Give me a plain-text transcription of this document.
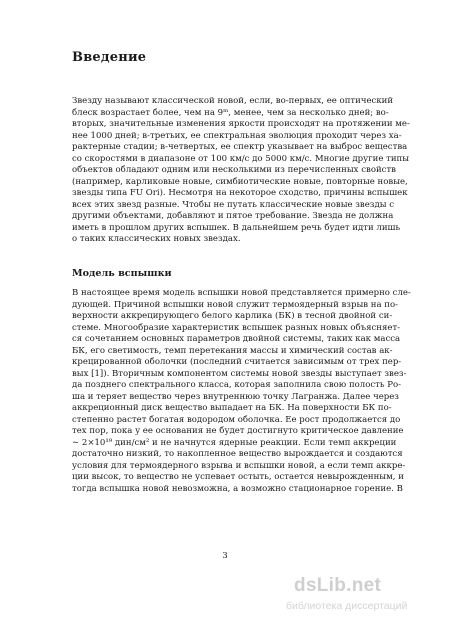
Введение
Звезду называют классической новой, если, во-первых, ее оптический
блеск возрастает более, чем на 9ᵐ, менее, чем за несколько дней; во-
вторых, значительные изменения яркости происходят на протяжении ме-
нее 1000 дней; в-третьих, ее спектральная эволюция проходит через ха-
рактерные стадии; в-четвертых, ее спектр указывает на выброс вещества
со скоростями в диапазоне от 100 км/с до 5000 км/с. Многие другие типы
объектов обладают одним или несколькими из перечисленных свойств
(например, карликовые новые, симбиотические новые, повторные новые,
звезды типа FU Ori). Несмотря на некоторое сходство, причины вспышек
всех этих звезд разные. Чтобы не путать классические новые звезды с
другими объектами, добавляют и пятое требование. Звезда не должна
иметь в прошлом других вспышек. В дальнейшем речь будет идти лишь
о таких классических новых звездах.
Модель вспышки
В настоящее время модель вспышки новой представляется примерно сле-
дующей. Причиной вспышки новой служит термоядерный взрыв на по-
верхности аккрецирующего белого карлика (БК) в тесной двойной си-
стеме. Многообразие характеристик вспышек разных новых объясняет-
ся сочетанием основных параметров двойной системы, таких как масса
БК, его светимость, темп перетекания массы и химический состав ак-
крецированной оболочки (последний считается зависимым от трех пер-
вых [1]). Вторичным компонентом системы новой звезды выступает звез-
да позднего спектрального класса, которая заполнила свою полость Ро-
ша и теряет вещество через внутреннюю точку Лагранжа. Далее через
аккреционный диск вещество выпадает на БК. На поверхности БК по-
степенно растет богатая водородом оболочка. Ее рост продолжается до
тех пор, пока у ее основания не будет достигнуто критическое давление
∼ 2×10¹⁹ дин/см² и не начнутся ядерные реакции. Если темп аккреции
достаточно низкий, то накопленное вещество вырождается и создаются
условия для термоядерного взрыва и вспышки новой, а если темп аккре-
ции высок, то вещество не успевает остыть, остается невырожденным, и
тогда вспышка новой невозможна, а возможно стационарное горение. В
3
dsLib.net
библиотека диссертаций
